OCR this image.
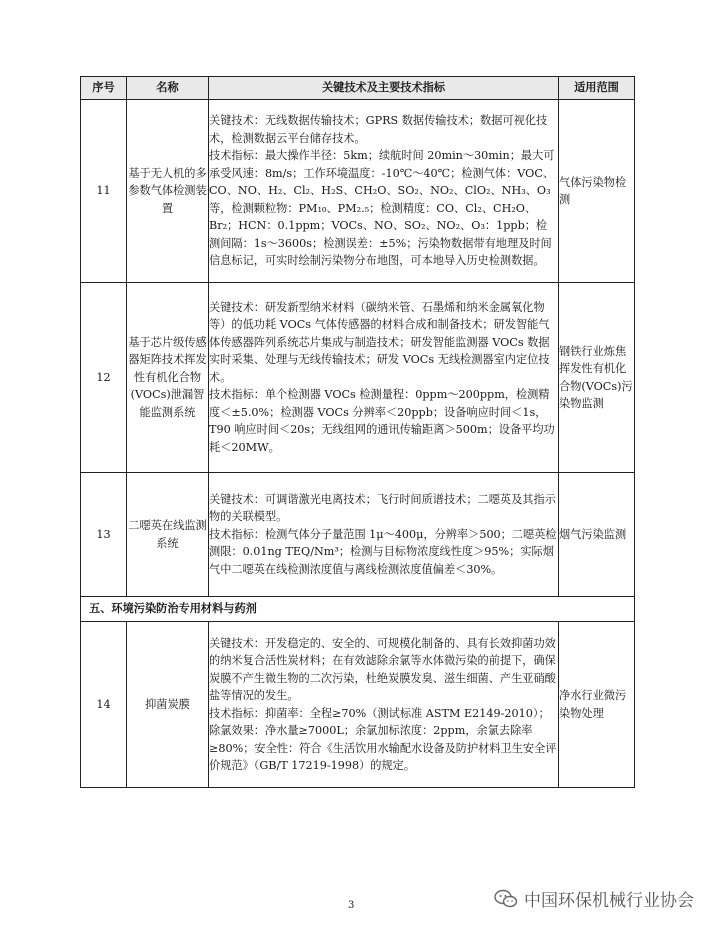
序号	名称	关键技术及主要技术指标	适用范围
11	基于无人机的多参数气体检测装置	关键技术：无线数据传输技术；GPRS 数据传输技术；数据可视化技术，检测数据云平台储存技术。

技术指标：最大操作半径：5km；续航时间 20min～30min；最大可承受风速：8m/s；工作环境温度：-10℃～40℃；检测气体：VOC、CO、NO、H₂、Cl₂、H₂S、CH₂O、SO₂、NO₂、ClO₂、NH₃、O₃等，检测颗粒物：PM₁₀、PM₂.₅；检测精度：CO、Cl₂、CH₂O、Br₂；HCN：0.1ppm；VOCs、NO、SO₂、NO₂、O₃：1ppb；检测间隔：1s～3600s；检测误差：±5%；污染物数据带有地理及时间信息标记，可实时绘制污染物分布地图，可本地导入历史检测数据。	气体污染物检测
12	基于芯片级传感器矩阵技术挥发性有机化合物(VOCs)泄漏智能监测系统	关键技术：研发新型纳米材料（碳纳米管、石墨烯和纳米金属氧化物等）的低功耗 VOCs 气体传感器的材料合成和制备技术；研发智能气体传感器阵列系统芯片集成与制造技术；研发智能监测器 VOCs 数据实时采集、处理与无线传输技术；研发 VOCs 无线检测器室内定位技术。

技术指标：单个检测器 VOCs 检测量程：0ppm～200ppm，检测精度＜±5.0%；检测器 VOCs 分辨率＜20ppb；设备响应时间＜1s，T90 响应时间＜20s；无线组网的通讯传输距离＞500m；设备平均功耗＜20MW。	钢铁行业炼焦挥发性有机化合物(VOCs)污染物监测
13	二噁英在线监测系统	关键技术：可调谐激光电离技术；飞行时间质谱技术；二噁英及其指示物的关联模型。

技术指标：检测气体分子量范围 1μ～400μ，分辨率＞500；二噁英检测限：0.01ng TEQ/Nm³；检测与目标物浓度线性度＞95%；实际烟气中二噁英在线检测浓度值与离线检测浓度值偏差＜30%。	烟气污染监测
五、环境污染防治专用材料与药剂			
14	抑菌炭膜	关键技术：开发稳定的、安全的、可规模化制备的、具有长效抑菌功效的纳米复合活性炭材料；在有效滤除余氯等水体微污染的前提下，确保炭膜不产生微生物的二次污染，杜绝炭膜发臭、滋生细菌、产生亚硝酸盐等情况的发生。

技术指标：抑菌率：全程≥70%（测试标准 ASTM E2149-2010）；除氯效果：净水量≥7000L；余氯加标浓度：2ppm，余氯去除率≥80%；安全性：符合《生活饮用水输配水设备及防护材料卫生安全评价规范》（GB/T 17219-1998）的规定。	净水行业微污染物处理
3	中国环保机械行业协会
